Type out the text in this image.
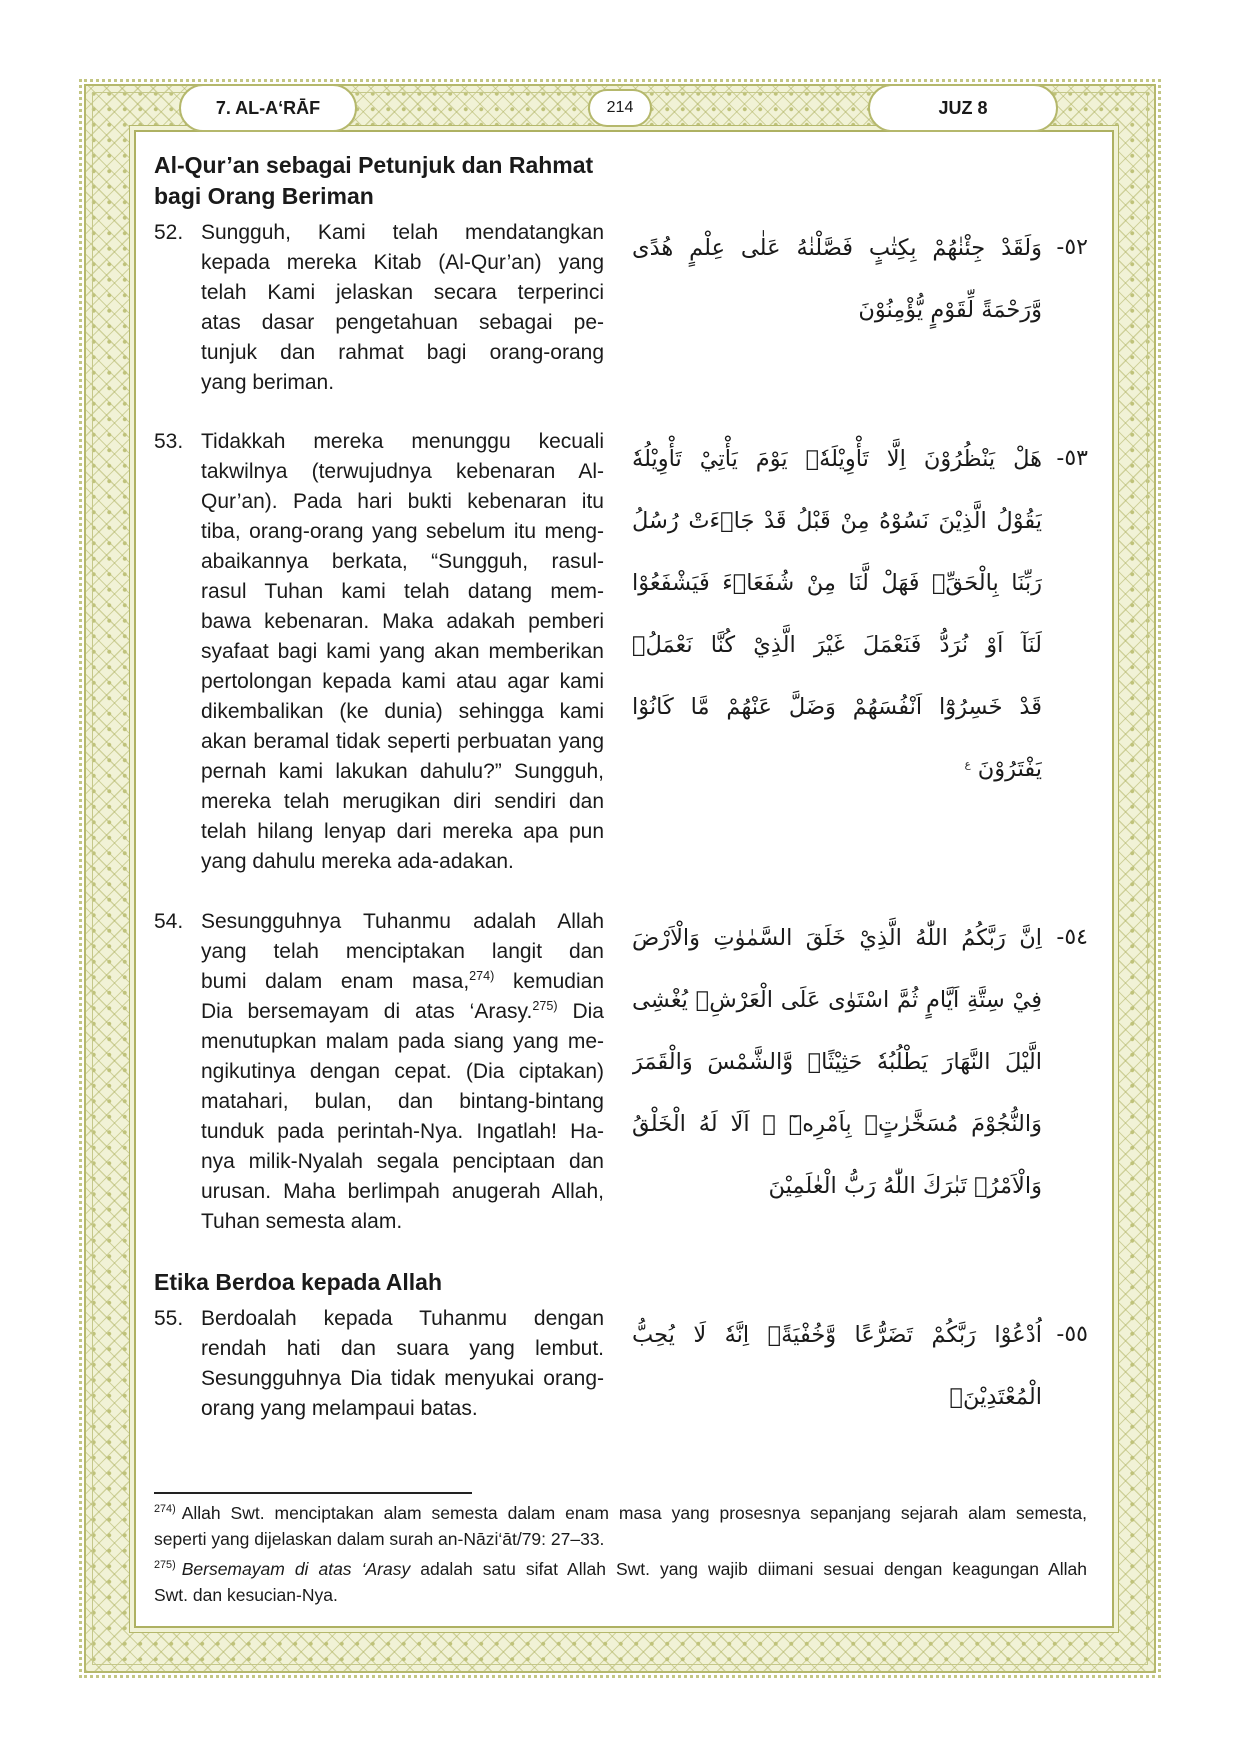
7. AL-A‘RĀF	214	JUZ 8
Al-Qur’an sebagai Petunjuk dan Rahmat
bagi Orang Beriman
52. Sungguh, Kami telah mendatangkan
kepada mereka Kitab (Al-Qur’an) yang
telah Kami jelaskan secara terperinci
atas dasar pengetahuan sebagai pe-
tunjuk dan rahmat bagi orang-orang
yang beriman.
وَلَقَدْ جِئْنٰهُمْ بِكِتٰبٍ فَصَّلْنٰهُ عَلٰى عِلْمٍ هُدًى
وَّرَحْمَةً لِّقَوْمٍ يُّؤْمِنُوْنَ
-٥٢
53. Tidakkah mereka menunggu kecuali
takwilnya (terwujudnya kebenaran Al-
Qur’an). Pada hari bukti kebenaran itu
tiba, orang-orang yang sebelum itu meng-
abaikannya berkata, “Sungguh, rasul-
rasul Tuhan kami telah datang mem-
bawa kebenaran. Maka adakah pemberi
syafaat bagi kami yang akan memberikan
pertolongan kepada kami atau agar kami
dikembalikan (ke dunia) sehingga kami
akan beramal tidak seperti perbuatan yang
pernah kami lakukan dahulu?” Sungguh,
mereka telah merugikan diri sendiri dan
telah hilang lenyap dari mereka apa pun
yang dahulu mereka ada-adakan.
هَلْ يَنْظُرُوْنَ اِلَّا تَأْوِيْلَهٗۗ يَوْمَ يَأْتِيْ تَأْوِيْلُهٗ
يَقُوْلُ الَّذِيْنَ نَسُوْهُ مِنْ قَبْلُ قَدْ جَاۤءَتْ رُسُلُ
رَبِّنَا بِالْحَقِّۚ فَهَلْ لَّنَا مِنْ شُفَعَاۤءَ فَيَشْفَعُوْا
لَنَآ اَوْ نُرَدُّ فَنَعْمَلَ غَيْرَ الَّذِيْ كُنَّا نَعْمَلُۗ
قَدْ خَسِرُوْٓا اَنْفُسَهُمْ وَضَلَّ عَنْهُمْ مَّا كَانُوْا
يَفْتَرُوْنَ $^ع$
-٥٣
54. Sesungguhnya Tuhanmu adalah Allah
yang telah menciptakan langit dan
bumi dalam enam masa,$^{274)}$ kemudian
Dia bersemayam di atas ‘Arasy.$^{275)}$ Dia
menutupkan malam pada siang yang me-
ngikutinya dengan cepat. (Dia ciptakan)
matahari, bulan, dan bintang-bintang
tunduk pada perintah-Nya. Ingatlah! Ha-
nya milik-Nyalah segala penciptaan dan
urusan. Maha berlimpah anugerah Allah,
Tuhan semesta alam.
اِنَّ رَبَّكُمُ اللّٰهُ الَّذِيْ خَلَقَ السَّمٰوٰتِ وَالْاَرْضَ
فِيْ سِتَّةِ اَيَّامٍ ثُمَّ اسْتَوٰى عَلَى الْعَرْشِۗ يُغْشِى
الَّيْلَ النَّهَارَ يَطْلُبُهٗ حَثِيْثًاۙ وَّالشَّمْسَ وَالْقَمَرَ
وَالنُّجُوْمَ مُسَخَّرٰتٍۢ بِاَمْرِهٖٓ ۙ اَلَا لَهُ الْخَلْقُ
وَالْاَمْرُۗ تَبٰرَكَ اللّٰهُ رَبُّ الْعٰلَمِيْنَ
-٥٤
Etika Berdoa kepada Allah
55. Berdoalah kepada Tuhanmu dengan
rendah hati dan suara yang lembut.
Sesungguhnya Dia tidak menyukai orang-
orang yang melampaui batas.
اُدْعُوْا رَبَّكُمْ تَضَرُّعًا وَّخُفْيَةًۗ اِنَّهٗ لَا يُحِبُّ
الْمُعْتَدِيْنَۚ
-٥٥
$^{274)}$ Allah Swt. menciptakan alam semesta dalam enam masa yang prosesnya sepanjang sejarah alam semesta,
seperti yang dijelaskan dalam surah an-Nāzi‘āt/79: 27–33.
$^{275)}$ Bersemayam di atas ‘Arasy adalah satu sifat Allah Swt. yang wajib diimani sesuai dengan keagungan Allah
Swt. dan kesucian-Nya.
